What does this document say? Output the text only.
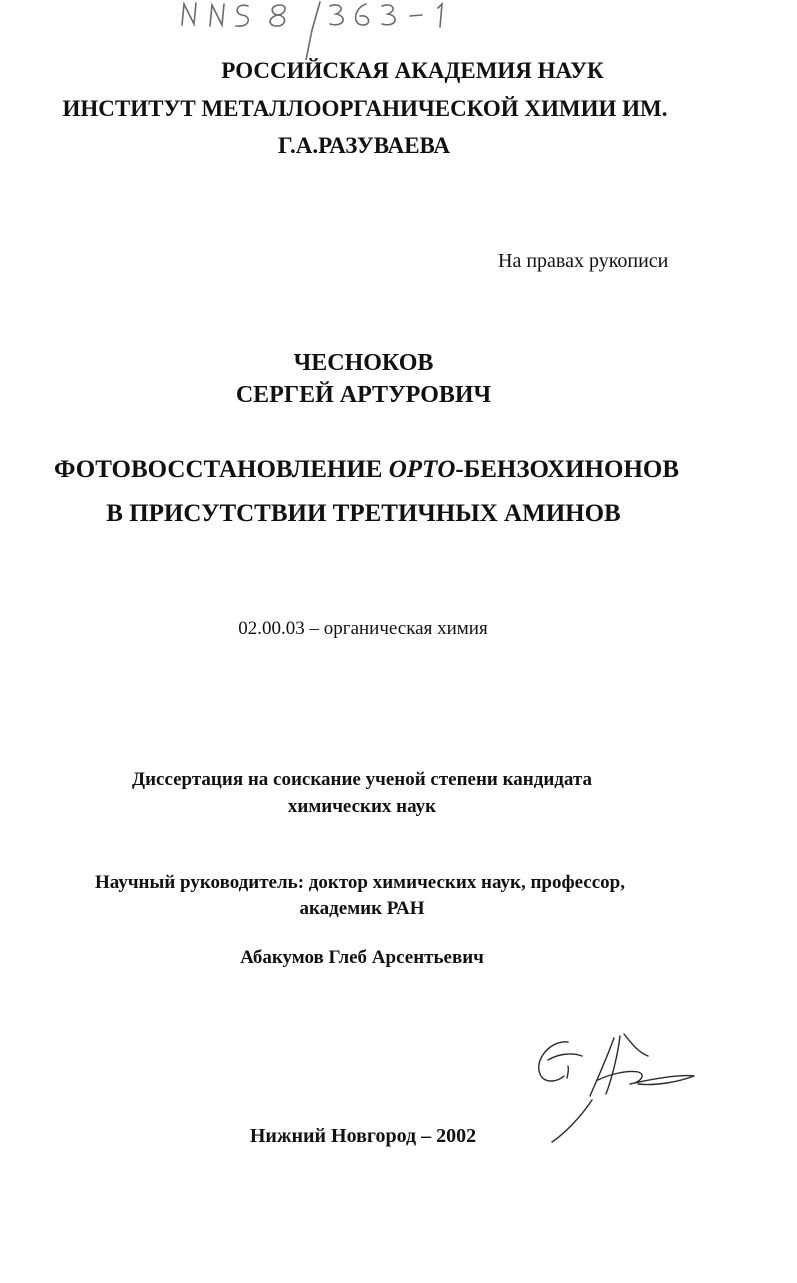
РОССИЙСКАЯ АКАДЕМИЯ НАУК
ИНСТИТУТ МЕТАЛЛООРГАНИЧЕСКОЙ ХИМИИ ИМ.
Г.А.РАЗУВАЕВА
На правах рукописи
ЧЕСНОКОВ
СЕРГЕЙ АРТУРОВИЧ
ФОТОВОССТАНОВЛЕНИЕ ОРТО-БЕНЗОХИНОНОВ
В ПРИСУТСТВИИ ТРЕТИЧНЫХ АМИНОВ
02.00.03 – органическая химия
Диссертация на соискание ученой степени кандидата
химических наук
Научный руководитель: доктор химических наук, профессор,
академик РАН
Абакумов Глеб Арсентьевич
Нижний Новгород – 2002
